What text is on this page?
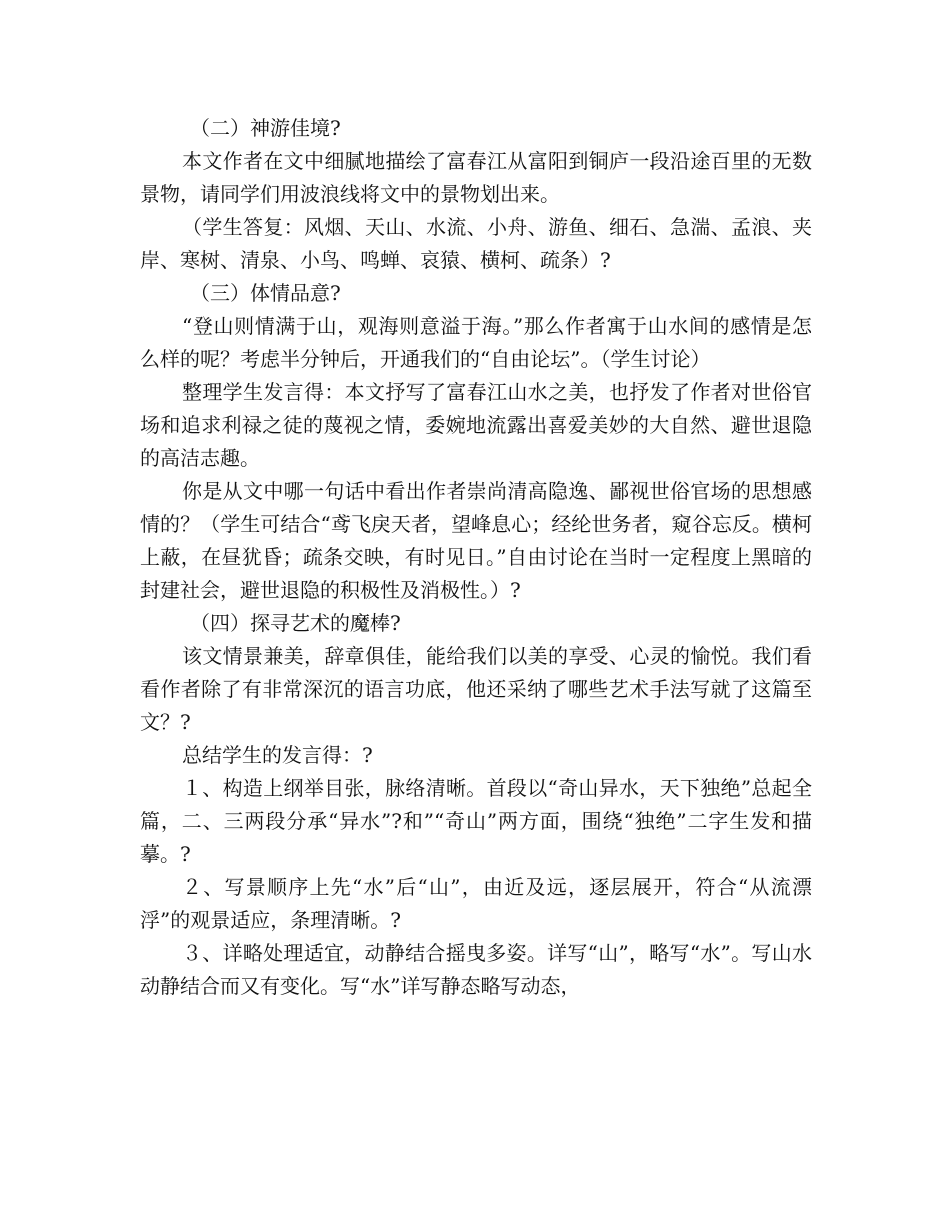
（二）神游佳境?

本文作者在文中细腻地描绘了富春江从富阳到铜庐一段沿途百里的无数景物，请同学们用波浪线将文中的景物划出来。

（学生答复：风烟、天山、水流、小舟、游鱼、细石、急湍、孟浪、夹岸、寒树、清泉、小鸟、鸣蝉、哀猿、横柯、疏条）?

（三）体情品意?

“登山则情满于山，观海则意溢于海。”那么作者寓于山水间的感情是怎么样的呢？考虑半分钟后，开通我们的“自由论坛”。（学生讨论）

整理学生发言得：本文抒写了富春江山水之美，也抒发了作者对世俗官场和追求利禄之徒的蔑视之情，委婉地流露出喜爱美妙的大自然、避世退隐的高洁志趣。

你是从文中哪一句话中看出作者崇尚清高隐逸、鄙视世俗官场的思想感情的？（学生可结合“鸢飞戾天者，望峰息心；经纶世务者，窥谷忘反。横柯上蔽，在昼犹昏；疏条交映，有时见日。”自由讨论在当时一定程度上黑暗的封建社会，避世退隐的积极性及消极性。）?

（四）探寻艺术的魔棒?

该文情景兼美，辞章俱佳，能给我们以美的享受、心灵的愉悦。我们看看作者除了有非常深沉的语言功底，他还采纳了哪些艺术手法写就了这篇至文？?

总结学生的发言得：?

１、构造上纲举目张，脉络清晰。首段以“奇山异水，天下独绝”总起全篇，二、三两段分承“异水”?和”“奇山”两方面，围绕“独绝”二字生发和描摹。?

２、写景顺序上先“水”后“山”，由近及远，逐层展开，符合“从流漂浮”的观景适应，条理清晰。?

３、详略处理适宜，动静结合摇曳多姿。详写“山”，略写“水”。写山水动静结合而又有变化。写“水”详写静态略写动态，
